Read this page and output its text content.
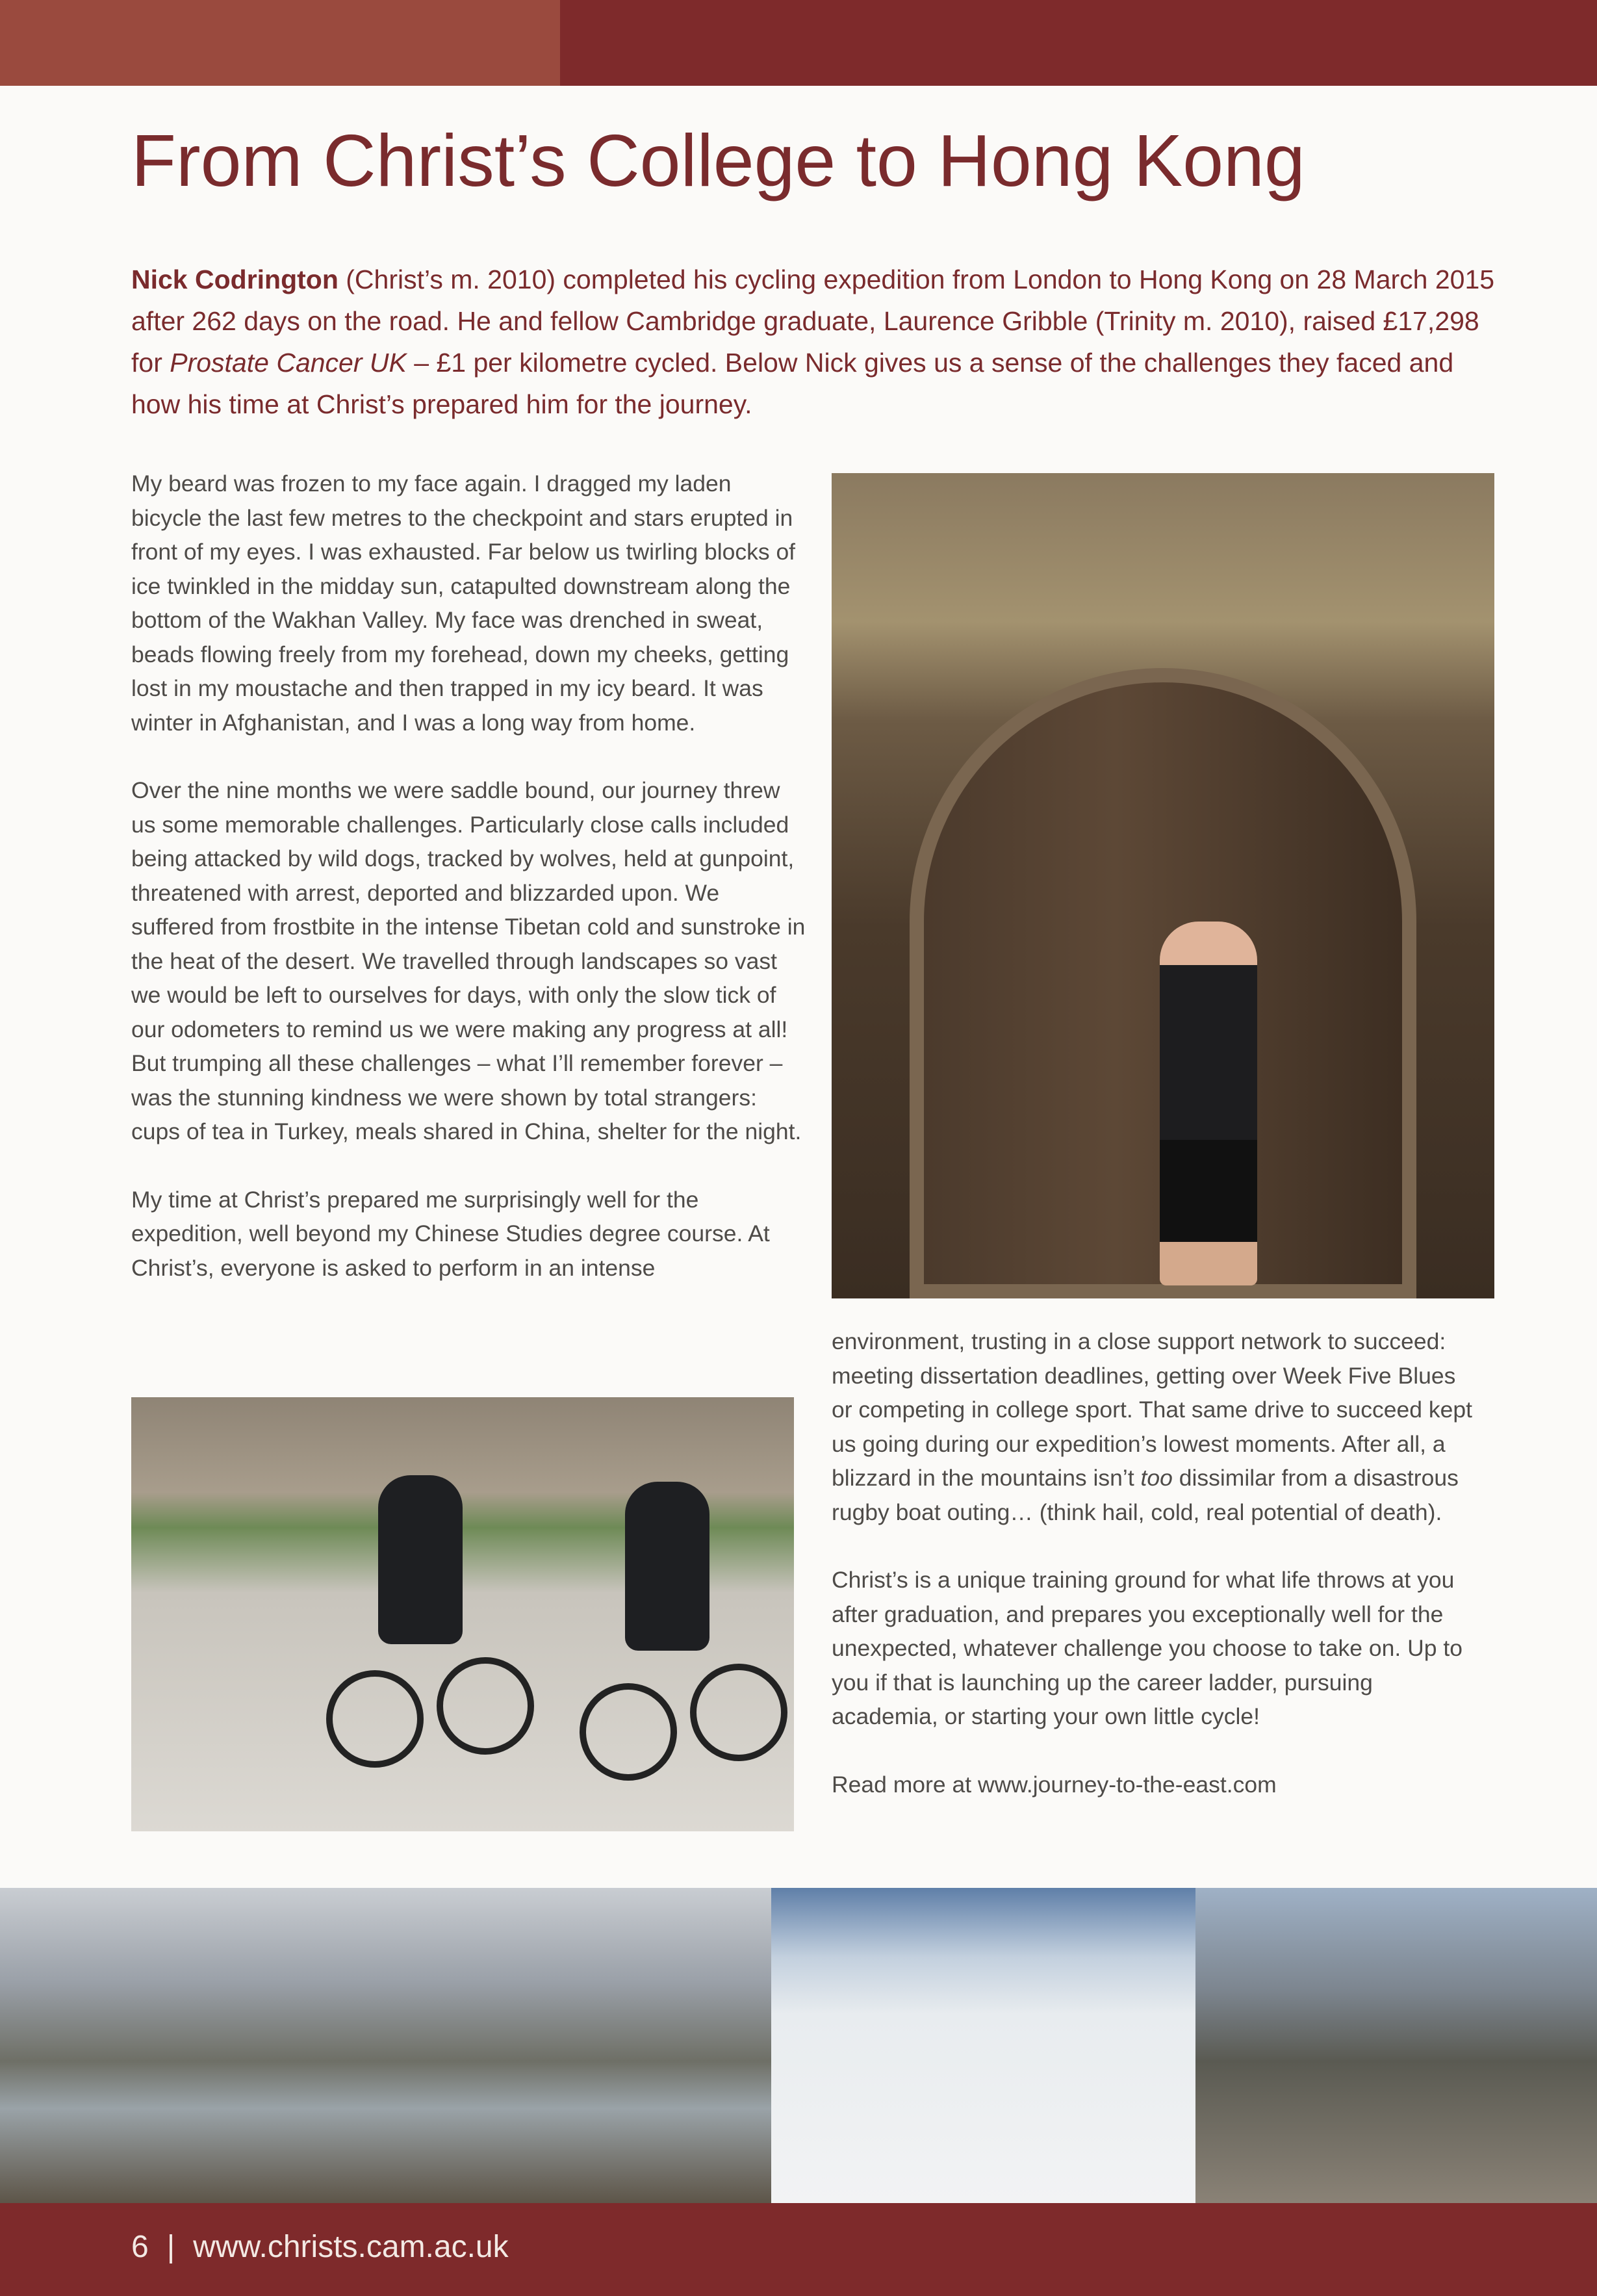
From Christ’s College to Hong Kong
Nick Codrington (Christ’s m. 2010) completed his cycling expedition from London to Hong Kong on 28 March 2015 after 262 days on the road. He and fellow Cambridge graduate, Laurence Gribble (Trinity m. 2010), raised £17,298 for Prostate Cancer UK – £1 per kilometre cycled. Below Nick gives us a sense of the challenges they faced and how his time at Christ’s prepared him for the journey.

My beard was frozen to my face again. I dragged my laden bicycle the last few metres to the checkpoint and stars erupted in front of my eyes. I was exhausted. Far below us twirling blocks of ice twinkled in the midday sun, catapulted downstream along the bottom of the Wakhan Valley. My face was drenched in sweat, beads flowing freely from my forehead, down my cheeks, getting lost in my moustache and then trapped in my icy beard. It was winter in Afghanistan, and I was a long way from home.

Over the nine months we were saddle bound, our journey threw us some memorable challenges. Particularly close calls included being attacked by wild dogs, tracked by wolves, held at gunpoint, threatened with arrest, deported and blizzarded upon. We suffered from frostbite in the intense Tibetan cold and sunstroke in the heat of the desert. We travelled through landscapes so vast we would be left to ourselves for days, with only the slow tick of our odometers to remind us we were making any progress at all! But trumping all these challenges – what I’ll remember forever – was the stunning kindness we were shown by total strangers: cups of tea in Turkey, meals shared in China, shelter for the night.

My time at Christ’s prepared me surprisingly well for the expedition, well beyond my Chinese Studies degree course. At Christ’s, everyone is asked to perform in an intense

environment, trusting in a close support network to succeed: meeting dissertation deadlines, getting over Week Five Blues or competing in college sport. That same drive to succeed kept us going during our expedition’s lowest moments. After all, a blizzard in the mountains isn’t too dissimilar from a disastrous rugby boat outing… (think hail, cold, real potential of death).

Christ’s is a unique training ground for what life throws at you after graduation, and prepares you exceptionally well for the unexpected, whatever challenge you choose to take on. Up to you if that is launching up the career ladder, pursuing academia, or starting your own little cycle!

Read more at www.journey-to-the-east.com

6 | www.christs.cam.ac.uk
